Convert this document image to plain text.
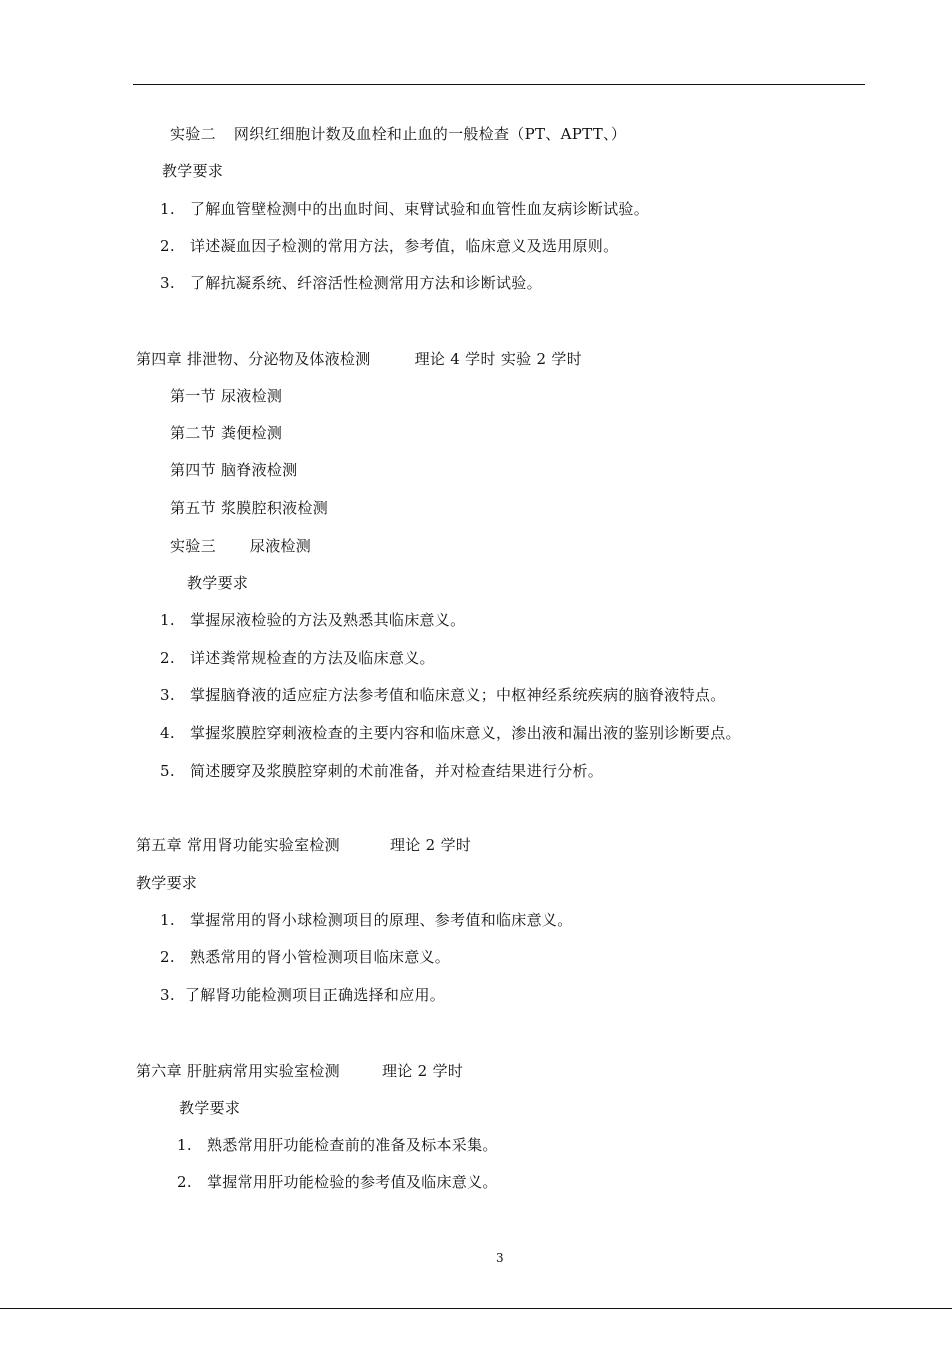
实验二 网织红细胞计数及血栓和止血的一般检查（PT、APTT、）
教学要求
1. 了解血管壁检测中的出血时间、束臂试验和血管性血友病诊断试验。
2. 详述凝血因子检测的常用方法，参考值，临床意义及选用原则。
3. 了解抗凝系统、纤溶活性检测常用方法和诊断试验。
第四章 排泄物、分泌物及体液检测	理论 4 学时 实验 2 学时
第一节 尿液检测
第二节 粪便检测
第四节 脑脊液检测
第五节 浆膜腔积液检测
实验三 尿液检测
教学要求
1. 掌握尿液检验的方法及熟悉其临床意义。
2. 详述粪常规检查的方法及临床意义。
3. 掌握脑脊液的适应症方法参考值和临床意义；中枢神经系统疾病的脑脊液特点。
4. 掌握浆膜腔穿刺液检查的主要内容和临床意义，渗出液和漏出液的鉴别诊断要点。
5. 简述腰穿及浆膜腔穿刺的术前准备，并对检查结果进行分析。
第五章 常用肾功能实验室检测	理论 2 学时
教学要求
1. 掌握常用的肾小球检测项目的原理、参考值和临床意义。
2. 熟悉常用的肾小管检测项目临床意义。
3. 了解肾功能检测项目正确选择和应用。
第六章 肝脏病常用实验室检测	理论 2 学时
教学要求
1. 熟悉常用肝功能检查前的准备及标本采集。
2. 掌握常用肝功能检验的参考值及临床意义。
3
